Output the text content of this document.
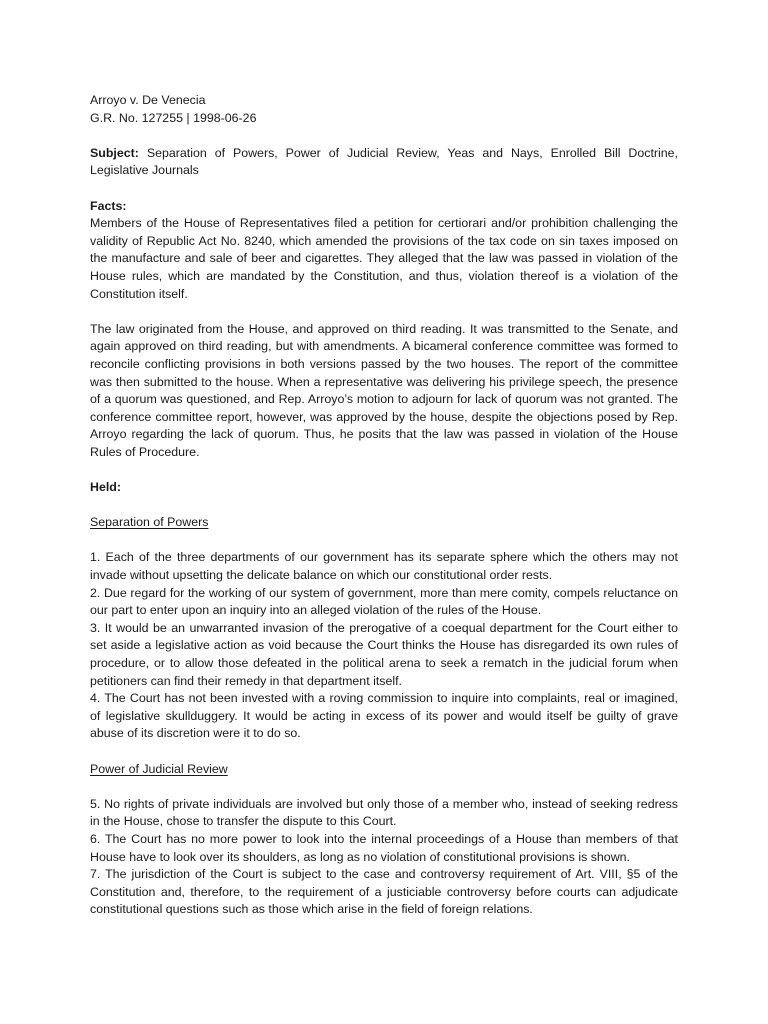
Arroyo v. De Venecia

G.R. No. 127255 | 1998-06-26

Subject: Separation of Powers, Power of Judicial Review, Yeas and Nays, Enrolled Bill Doctrine, Legislative Journals

Facts:

Members of the House of Representatives filed a petition for certiorari and/or prohibition challenging the validity of Republic Act No. 8240, which amended the provisions of the tax code on sin taxes imposed on the manufacture and sale of beer and cigarettes. They alleged that the law was passed in violation of the House rules, which are mandated by the Constitution, and thus, violation thereof is a violation of the Constitution itself.

The law originated from the House, and approved on third reading. It was transmitted to the Senate, and again approved on third reading, but with amendments. A bicameral conference committee was formed to reconcile conflicting provisions in both versions passed by the two houses. The report of the committee was then submitted to the house. When a representative was delivering his privilege speech, the presence of a quorum was questioned, and Rep. Arroyo’s motion to adjourn for lack of quorum was not granted. The conference committee report, however, was approved by the house, despite the objections posed by Rep. Arroyo regarding the lack of quorum. Thus, he posits that the law was passed in violation of the House Rules of Procedure.

Held:

Separation of Powers

1. Each of the three departments of our government has its separate sphere which the others may not invade without upsetting the delicate balance on which our constitutional order rests.

2. Due regard for the working of our system of government, more than mere comity, compels reluctance on our part to enter upon an inquiry into an alleged violation of the rules of the House.

3. It would be an unwarranted invasion of the prerogative of a coequal department for the Court either to set aside a legislative action as void because the Court thinks the House has disregarded its own rules of procedure, or to allow those defeated in the political arena to seek a rematch in the judicial forum when petitioners can find their remedy in that department itself.

4. The Court has not been invested with a roving commission to inquire into complaints, real or imagined, of legislative skullduggery. It would be acting in excess of its power and would itself be guilty of grave abuse of its discretion were it to do so.

Power of Judicial Review

5. No rights of private individuals are involved but only those of a member who, instead of seeking redress in the House, chose to transfer the dispute to this Court.

6. The Court has no more power to look into the internal proceedings of a House than members of that House have to look over its shoulders, as long as no violation of constitutional provisions is shown.

7. The jurisdiction of the Court is subject to the case and controversy requirement of Art. VIII, §5 of the Constitution and, therefore, to the requirement of a justiciable controversy before courts can adjudicate constitutional questions such as those which arise in the field of foreign relations.
